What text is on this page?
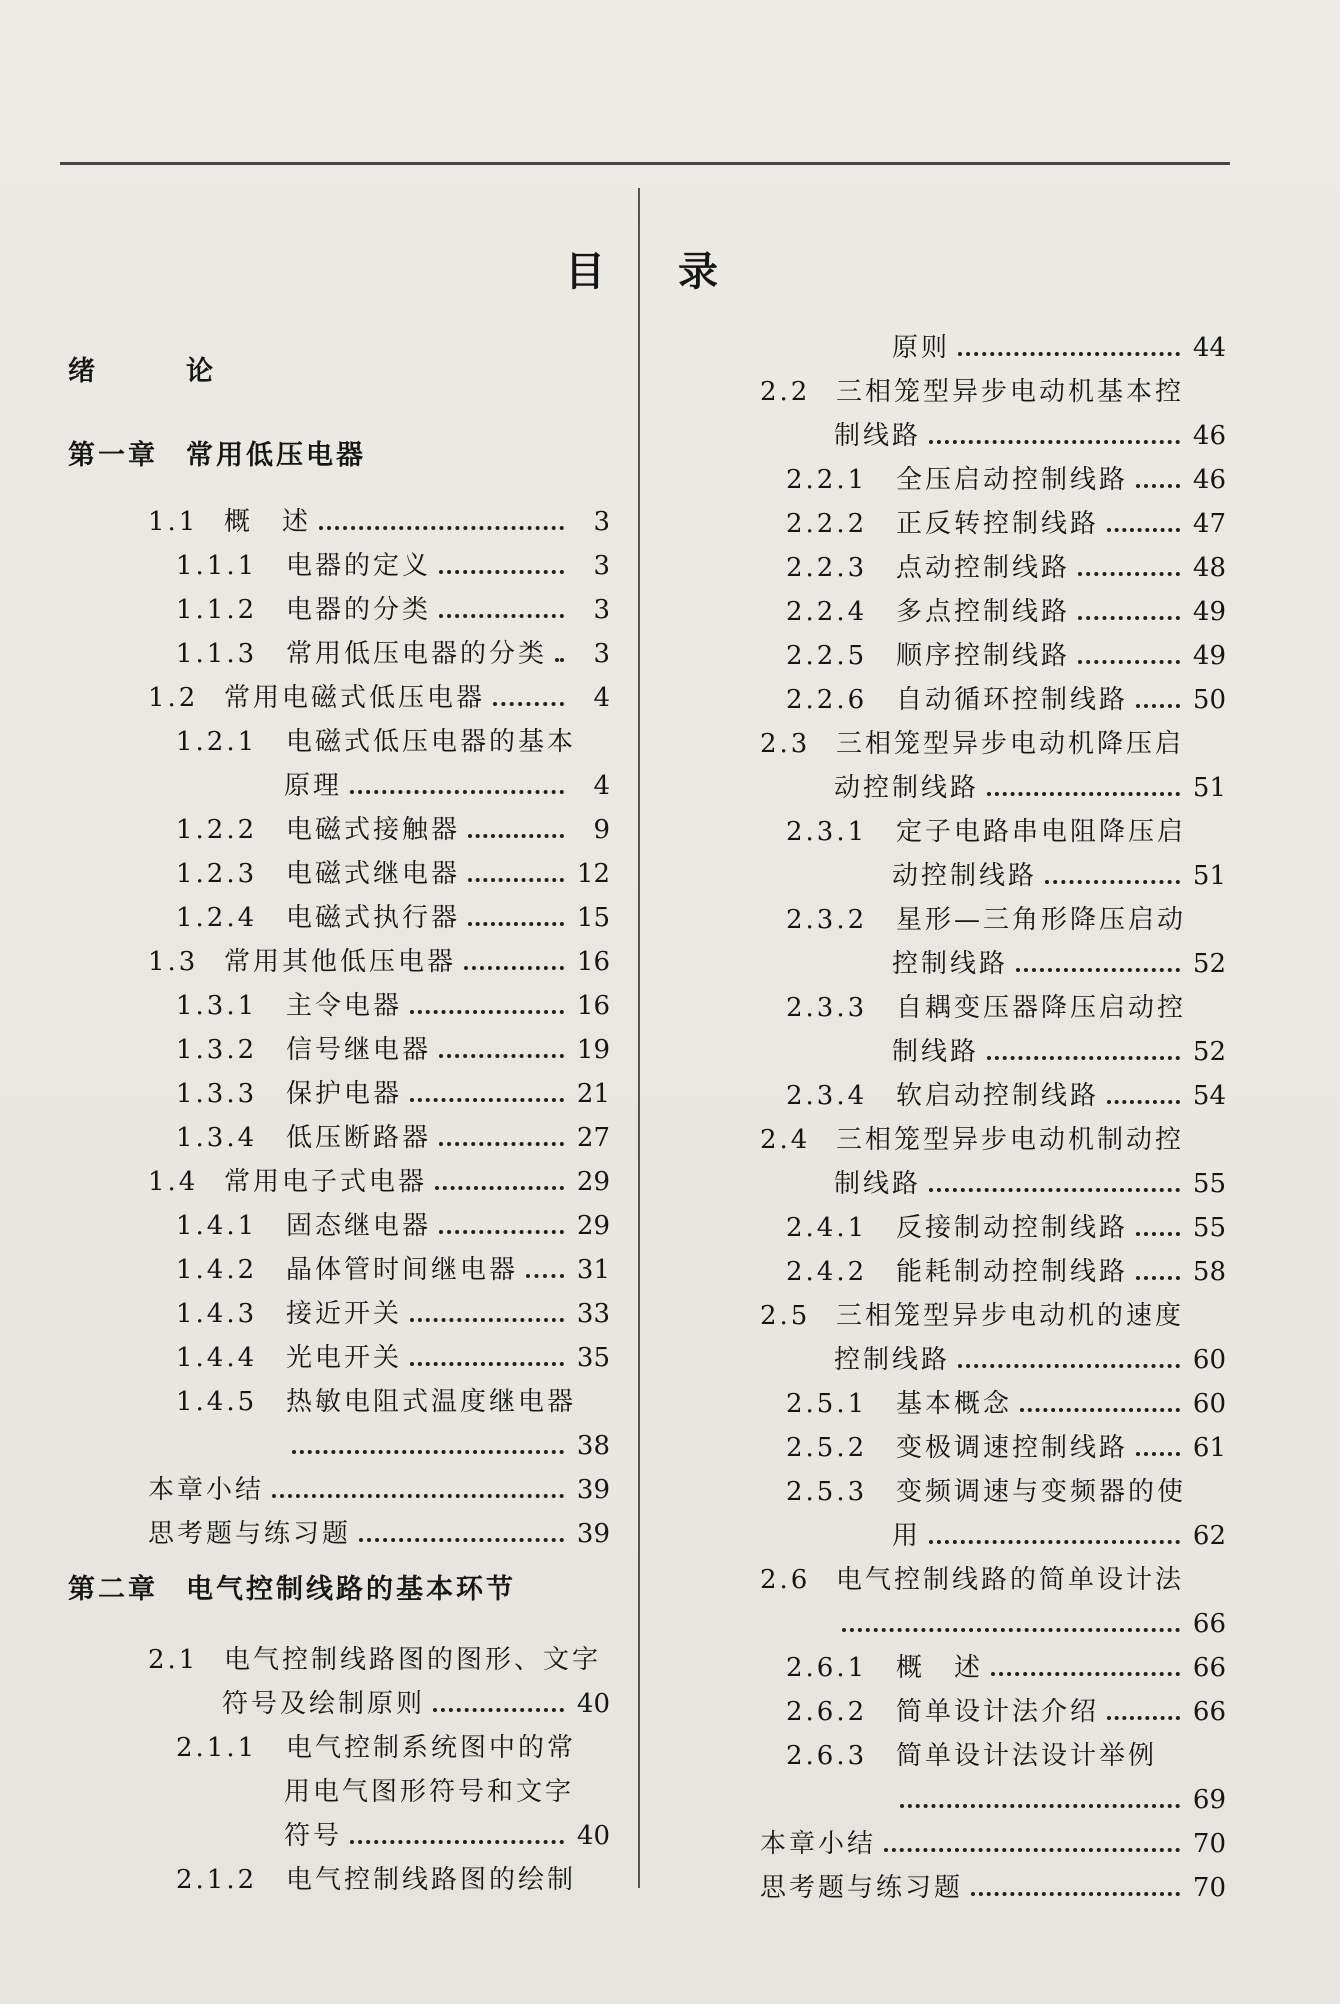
目 录
绪	论
第一章	常用低压电器
1.1 概　述	3
1.1.1	电器的定义	3
1.1.2	电器的分类	3
1.1.3	常用低压电器的分类	3
1.2 常用电磁式低压电器	4
1.2.1	电磁式低压电器的基本
原理	4
1.2.2	电磁式接触器	9
1.2.3	电磁式继电器	12
1.2.4	电磁式执行器	15
1.3 常用其他低压电器	16
1.3.1	主令电器	16
1.3.2	信号继电器	19
1.3.3	保护电器	21
1.3.4	低压断路器	27
1.4 常用电子式电器	29
1.4.1	固态继电器	29
1.4.2	晶体管时间继电器 31
1.4.3	接近开关	33
1.4.4	光电开关	35
1.4.5	热敏电阻式温度继电器
38
本章小结	39
思考题与练习题	39
第二章	电气控制线路的基本环节
2.1 电气控制线路图的图形、文字
符号及绘制原则	40
2.1.1	电气控制系统图中的常
用电气图形符号和文字
符号	40
2.1.2	电气控制线路图的绘制
原则	44
2.2 三相笼型异步电动机基本控
制线路	46
2.2.1	全压启动控制线路 46
2.2.2	正反转控制线路	47
2.2.3	点动控制线路	48
2.2.4	多点控制线路	49
2.2.5	顺序控制线路	49
2.2.6	自动循环控制线路 50
2.3 三相笼型异步电动机降压启
动控制线路	51
2.3.1	定子电路串电阻降压启
动控制线路	51
2.3.2	星形—三角形降压启动
控制线路	52
2.3.3	自耦变压器降压启动控
制线路	52
2.3.4	软启动控制线路	54
2.4 三相笼型异步电动机制动控
制线路	55
2.4.1	反接制动控制线路 55
2.4.2	能耗制动控制线路 58
2.5 三相笼型异步电动机的速度
控制线路	60
2.5.1	基本概念	60
2.5.2	变极调速控制线路 61
2.5.3	变频调速与变频器的使
用	62
2.6 电气控制线路的简单设计法
66
2.6.1	概　述	66
2.6.2	简单设计法介绍	66
2.6.3	简单设计法设计举例
69
本章小结	70
思考题与练习题	70
